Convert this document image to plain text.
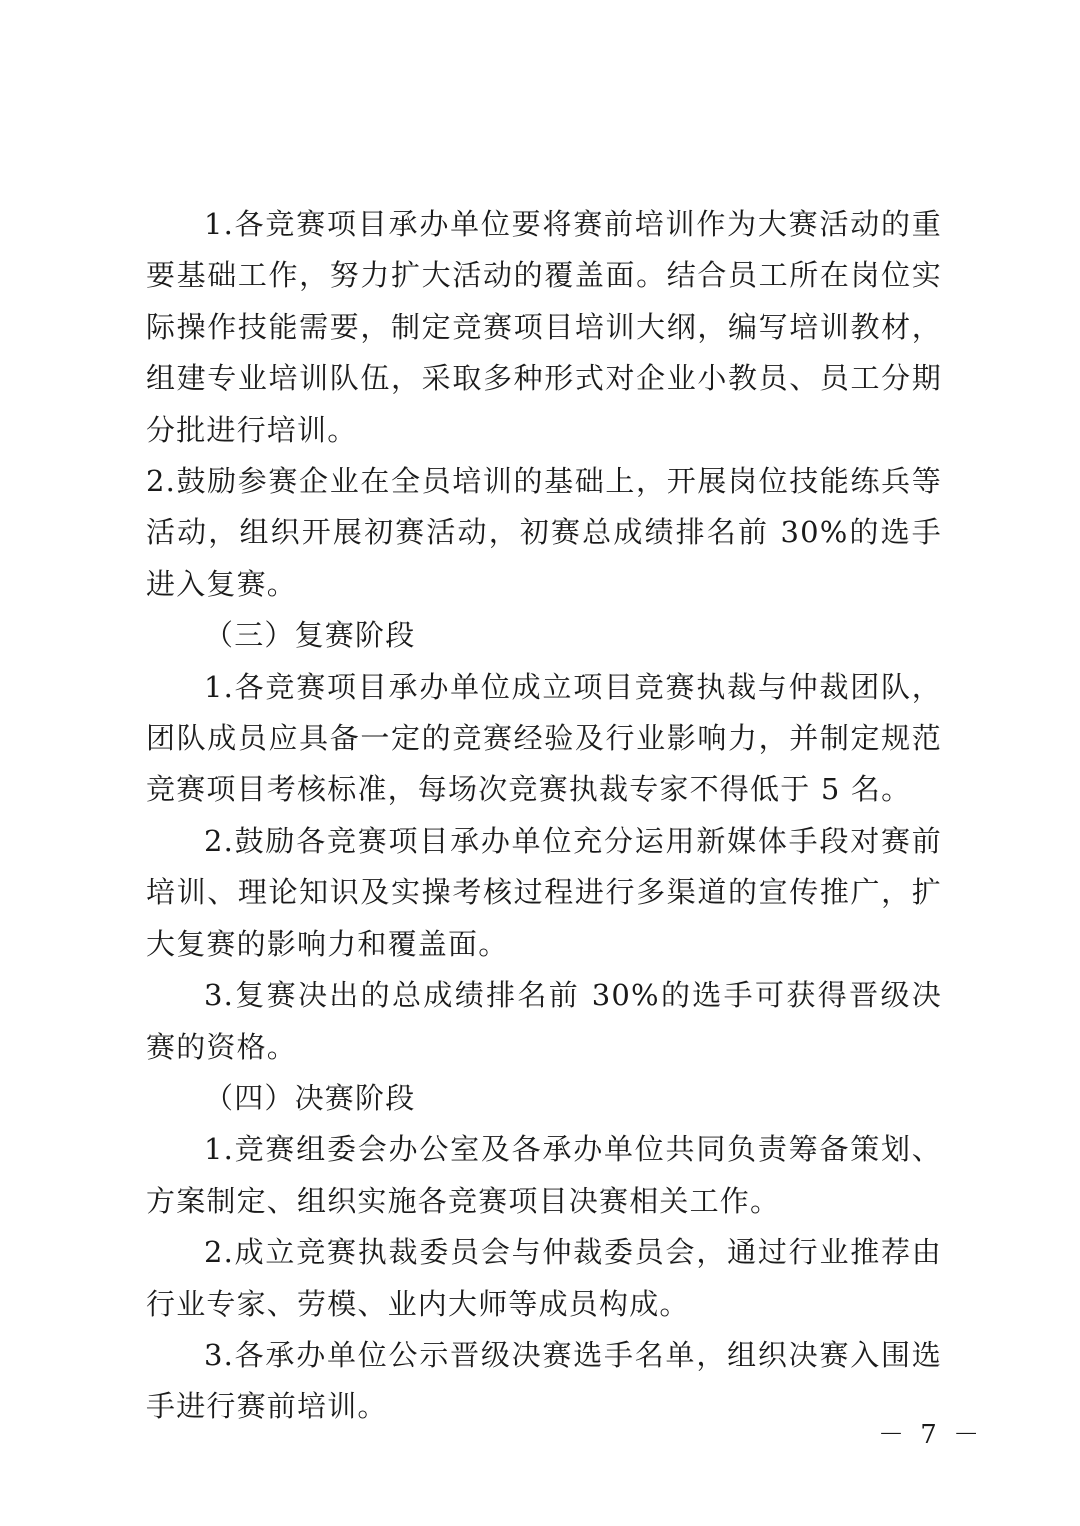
1.各竞赛项目承办单位要将赛前培训作为大赛活动的重要基础工作，努力扩大活动的覆盖面。结合员工所在岗位实际操作技能需要，制定竞赛项目培训大纲，编写培训教材，组建专业培训队伍，采取多种形式对企业小教员、员工分期分批进行培训。

2.鼓励参赛企业在全员培训的基础上，开展岗位技能练兵等活动，组织开展初赛活动，初赛总成绩排名前 30%的选手进入复赛。

（三）复赛阶段

1.各竞赛项目承办单位成立项目竞赛执裁与仲裁团队，团队成员应具备一定的竞赛经验及行业影响力，并制定规范竞赛项目考核标准，每场次竞赛执裁专家不得低于 5 名。

2.鼓励各竞赛项目承办单位充分运用新媒体手段对赛前培训、理论知识及实操考核过程进行多渠道的宣传推广，扩大复赛的影响力和覆盖面。

3.复赛决出的总成绩排名前 30%的选手可获得晋级决赛的资格。

（四）决赛阶段

1.竞赛组委会办公室及各承办单位共同负责筹备策划、方案制定、组织实施各竞赛项目决赛相关工作。

2.成立竞赛执裁委员会与仲裁委员会，通过行业推荐由行业专家、劳模、业内大师等成员构成。

3.各承办单位公示晋级决赛选手名单，组织决赛入围选手进行赛前培训。

－ 7 －
